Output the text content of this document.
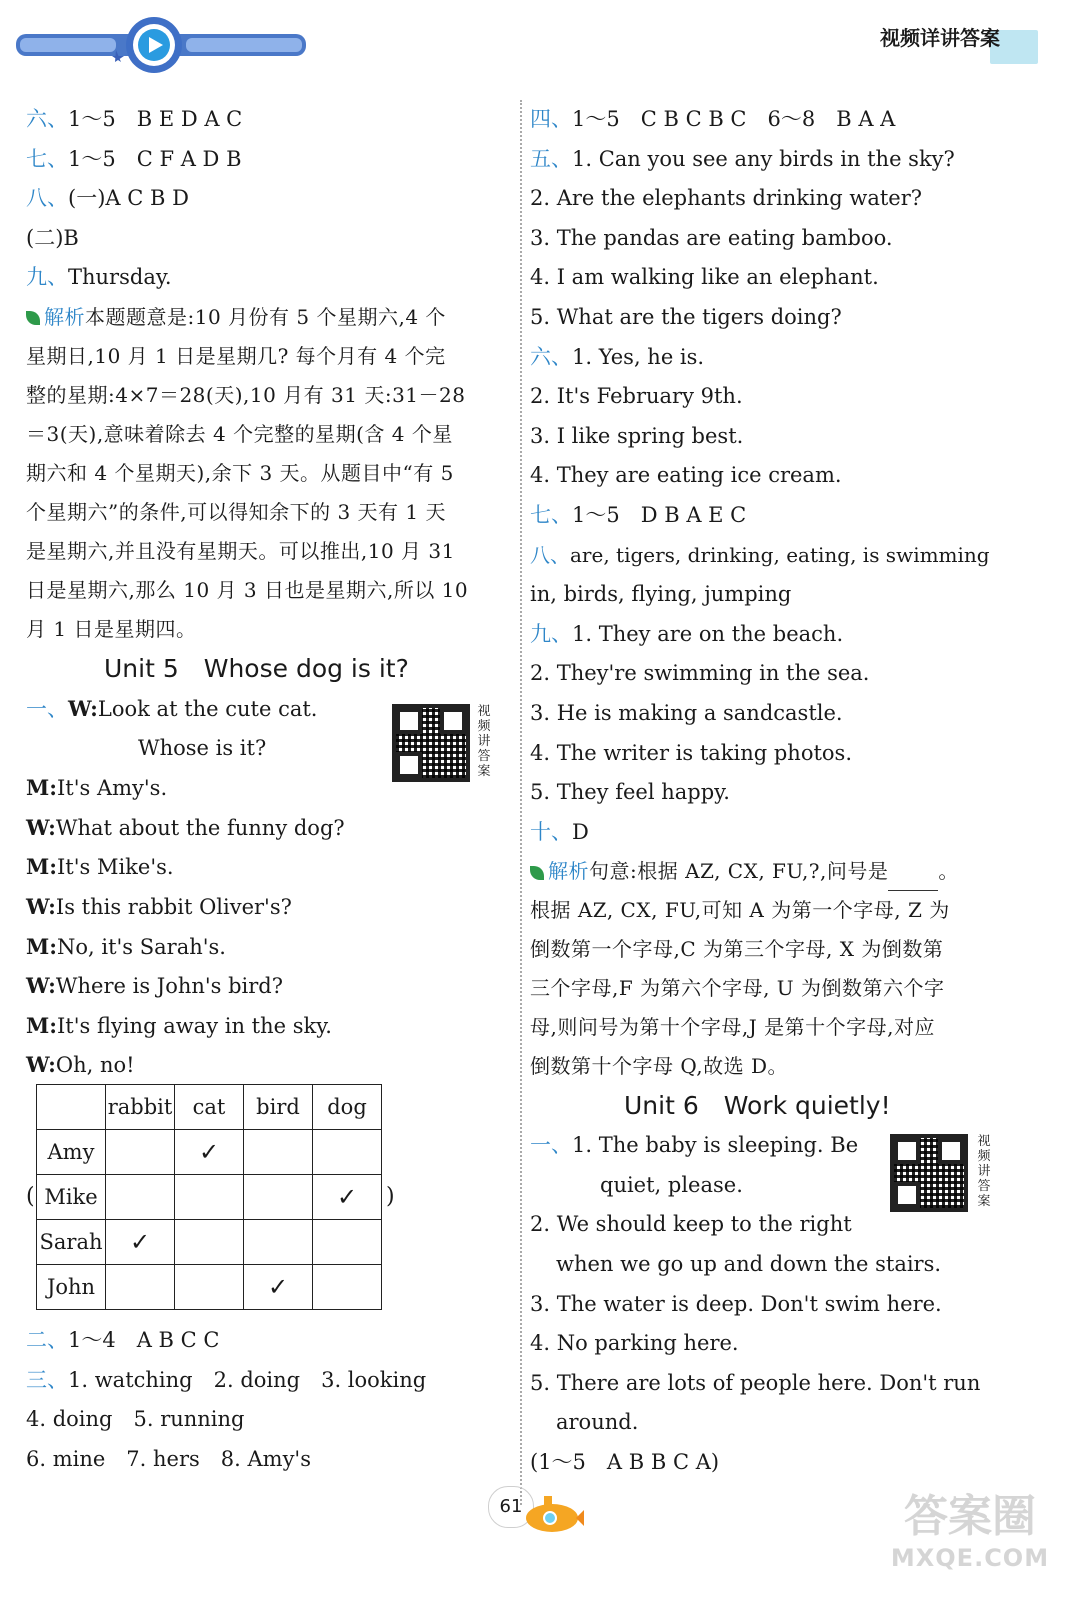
视频详讲答案
六、1～5　B E D A C
七、1～5　C F A D B
八、(一)A C B D
(二)B
九、Thursday.
解析本题题意是:10 月份有 5 个星期六,4 个
星期日,10 月 1 日是星期几? 每个月有 4 个完
整的星期:4×7＝28(天),10 月有 31 天:31－28
＝3(天),意味着除去 4 个完整的星期(含 4 个星
期六和 4 个星期天),余下 3 天。从题目中“有 5
个星期六”的条件,可以得知余下的 3 天有 1 天
是星期六,并且没有星期天。可以推出,10 月 31
日是星期六,那么 10 月 3 日也是星期六,所以 10
月 1 日是星期四。
Unit 5　Whose dog is it?
一、W:Look at the cute cat.
Whose is it?
M:It's Amy's.
W:What about the funny dog?
M:It's Mike's.
W:Is this rabbit Oliver's?
M:No, it's Sarah's.
W:Where is John's bird?
M:It's flying away in the sky.
W:Oh, no!
视频讲答案
(
	rabbit	cat	bird	dog
Amy		✓		
Mike				✓
Sarah	✓			
John			✓	
)
二、1～4　A B C C
三、1. watching　2. doing　3. looking
4. doing　5. running
6. mine　7. hers　8. Amy's
四、1～5　C B C B C　6～8　B A A
五、1. Can you see any birds in the sky?
2. Are the elephants drinking water?
3. The pandas are eating bamboo.
4. I am walking like an elephant.
5. What are the tigers doing?
六、1. Yes, he is.
2. It's February 9th.
3. I like spring best.
4. They are eating ice cream.
七、1～5　D B A E C
八、are, tigers, drinking, eating, is swimming
in, birds, flying, jumping
九、1. They are on the beach.
2. They're swimming in the sea.
3. He is making a sandcastle.
4. The writer is taking photos.
5. They feel happy.
十、D
解析句意:根据 AZ, CX, FU,?,问号是	。
根据 AZ, CX, FU,可知 A 为第一个字母, Z 为
倒数第一个字母,C 为第三个字母, X 为倒数第
三个字母,F 为第六个字母, U 为倒数第六个字
母,则问号为第十个字母,J 是第十个字母,对应
倒数第十个字母 Q,故选 D。
Unit 6　Work quietly!
一、1. The baby is sleeping. Be
quiet, please.
2. We should keep to the right
when we go up and down the stairs.
3. The water is deep. Don't swim here.
4. No parking here.
5. There are lots of people here. Don't run
around.
(1～5　A B B C A)
视频讲答案
61	答案圈
MXQE.COM
